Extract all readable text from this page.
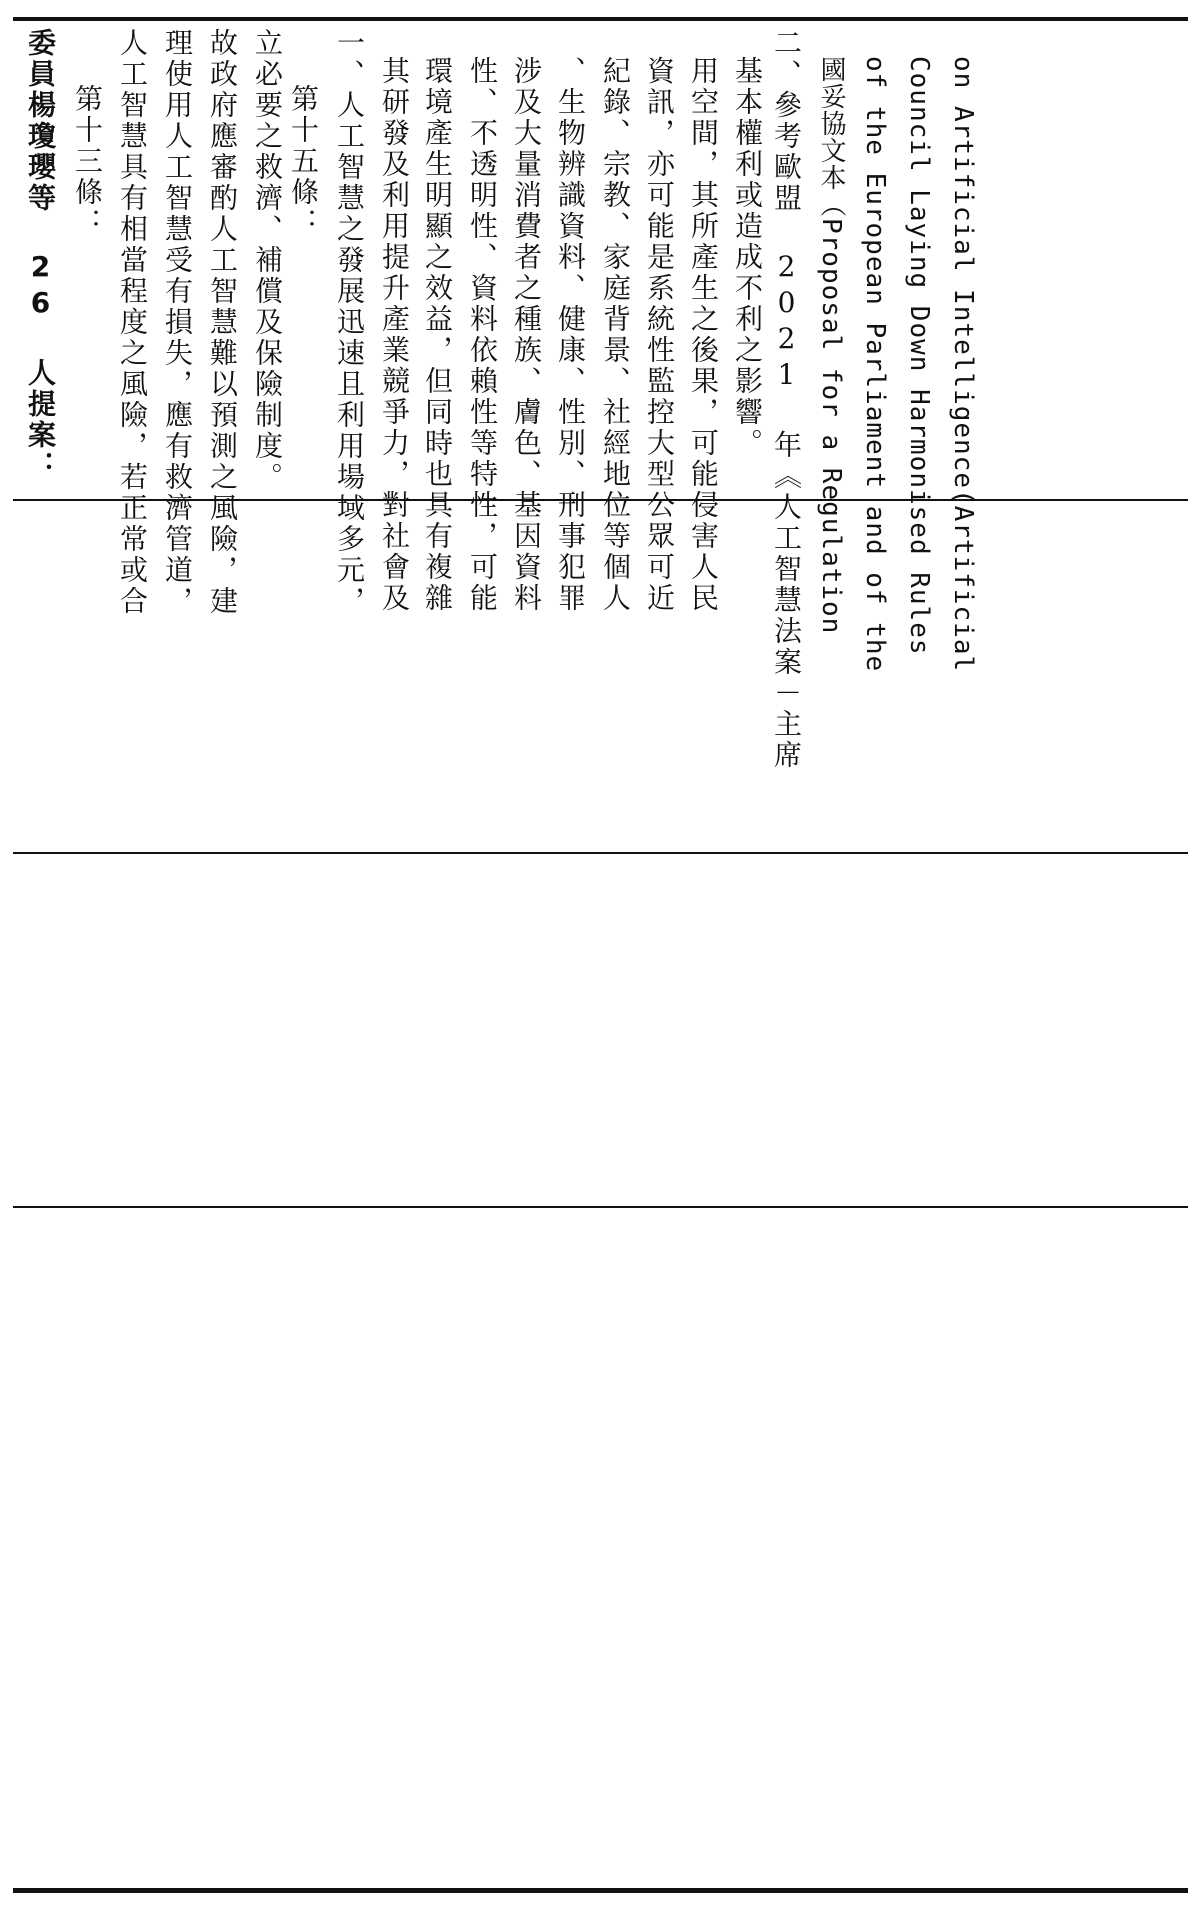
委員楊瓊瓔等 26 人提案： 第十三條： 人工智慧具有相當程度之風險，若正常或合 理使用人工智慧受有損失，應有救濟管道， 故政府應審酌人工智慧難以預測之風險，建 立必要之救濟、補償及保險制度。 第十五條： 一、人工智慧之發展迅速且利用場域多元， 其研發及利用提升產業競爭力，對社會及 環境產生明顯之效益，但同時也具有複雜 性、不透明性、資料依賴性等特性，可能 涉及大量消費者之種族、膚色、基因資料 、生物辨識資料、健康、性別、刑事犯罪 紀錄、宗教、家庭背景、社經地位等個人 資訊，亦可能是系統性監控大型公眾可近 用空間，其所產生之後果，可能侵害人民 基本權利或造成不利之影響。 二、參考歐盟 2021 年《人工智慧法案－主席 國妥協文本（Proposal for a Regulation of the European Parliament and of the Council Laying Down Harmonised Rules on Artificial Intelligence(Artificial
